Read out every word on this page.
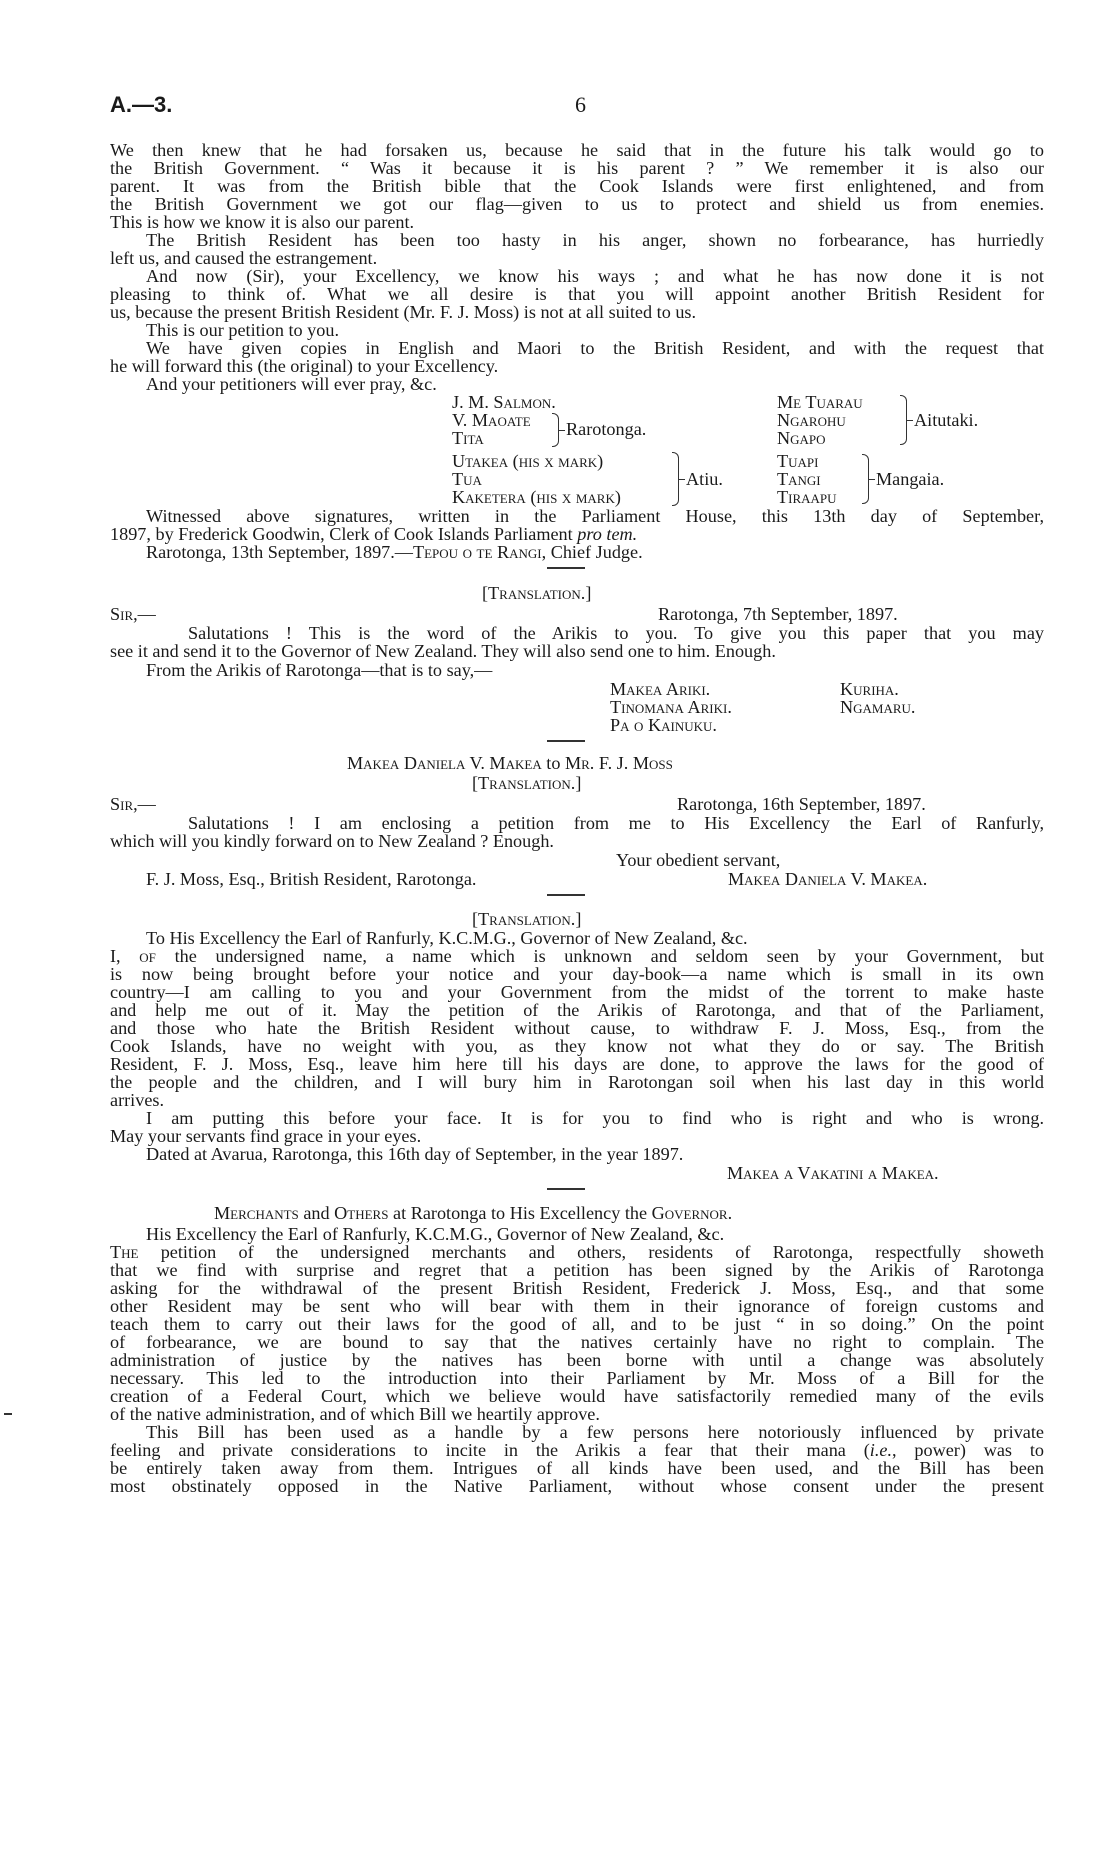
A.—3.	6
We then knew that he had forsaken us, because he said that in the future his talk would go to
the British Government. “ Was it because it is his parent ? ” We remember it is also our
parent. It was from the British bible that the Cook Islands were first enlightened, and from
the British Government we got our flag—given to us to protect and shield us from enemies.
This is how we know it is also our parent.
The British Resident has been too hasty in his anger, shown no forbearance, has hurriedly
left us, and caused the estrangement.
And now (Sir), your Excellency, we know his ways ; and what he has now done it is not
pleasing to think of. What we all desire is that you will appoint another British Resident for
us, because the present British Resident (Mr. F. J. Moss) is not at all suited to us.
This is our petition to you.
We have given copies in English and Maori to the British Resident, and with the request that
he will forward this (the original) to your Excellency.
And your petitioners will ever pray, &c.
J. M. Salmon.
V. Maoate
Tita	Rarotonga.
Utakea (his x mark)
Tua
Kaketera (his x mark)
Atiu.
Me Tuarau
Ngarohu
Ngapo
Aitutaki.
Tuapi
Tangi
Tiraapu
Mangaia.
Witnessed above signatures, written in the Parliament House, this 13th day of September,
1897, by Frederick Goodwin, Clerk of Cook Islands Parliament pro tem.
Rarotonga, 13th September, 1897.—Tepou o te Rangi, Chief Judge.
[Translation.]
Sir,—	Rarotonga, 7th September, 1897.
Salutations ! This is the word of the Arikis to you. To give you this paper that you may
see it and send it to the Governor of New Zealand. They will also send one to him. Enough.
From the Arikis of Rarotonga—that is to say,—
Makea Ariki.
Tinomana Ariki.
Pa o Kainuku.
Kuriha.
Ngamaru.
Makea Daniela V. Makea to Mr. F. J. Moss
[Translation.]
Sir,—	Rarotonga, 16th September, 1897.
Salutations ! I am enclosing a petition from me to His Excellency the Earl of Ranfurly,
which will you kindly forward on to New Zealand ? Enough.
Your obedient servant,
F. J. Moss, Esq., British Resident, Rarotonga.	Makea Daniela V. Makea.
[Translation.]
To His Excellency the Earl of Ranfurly, K.C.M.G., Governor of New Zealand, &c.
I, of the undersigned name, a name which is unknown and seldom seen by your Government, but
is now being brought before your notice and your day-book—a name which is small in its own
country—I am calling to you and your Government from the midst of the torrent to make haste
and help me out of it. May the petition of the Arikis of Rarotonga, and that of the Parliament,
and those who hate the British Resident without cause, to withdraw F. J. Moss, Esq., from the
Cook Islands, have no weight with you, as they know not what they do or say. The British
Resident, F. J. Moss, Esq., leave him here till his days are done, to approve the laws for the good of
the people and the children, and I will bury him in Rarotongan soil when his last day in this world
arrives.
I am putting this before your face. It is for you to find who is right and who is wrong.
May your servants find grace in your eyes.
Dated at Avarua, Rarotonga, this 16th day of September, in the year 1897.
Makea a Vakatini a Makea.
Merchants and Others at Rarotonga to His Excellency the Governor.
His Excellency the Earl of Ranfurly, K.C.M.G., Governor of New Zealand, &c.
The petition of the undersigned merchants and others, residents of Rarotonga, respectfully showeth
that we find with surprise and regret that a petition has been signed by the Arikis of Rarotonga
asking for the withdrawal of the present British Resident, Frederick J. Moss, Esq., and that some
other Resident may be sent who will bear with them in their ignorance of foreign customs and
teach them to carry out their laws for the good of all, and to be just “ in so doing.” On the point
of forbearance, we are bound to say that the natives certainly have no right to complain. The
administration of justice by the natives has been borne with until a change was absolutely
necessary. This led to the introduction into their Parliament by Mr. Moss of a Bill for the
creation of a Federal Court, which we believe would have satisfactorily remedied many of the evils
of the native administration, and of which Bill we heartily approve.
This Bill has been used as a handle by a few persons here notoriously influenced by private
feeling and private considerations to incite in the Arikis a fear that their mana (i.e., power) was to
be entirely taken away from them. Intrigues of all kinds have been used, and the Bill has been
most obstinately opposed in the Native Parliament, without whose consent under the present
